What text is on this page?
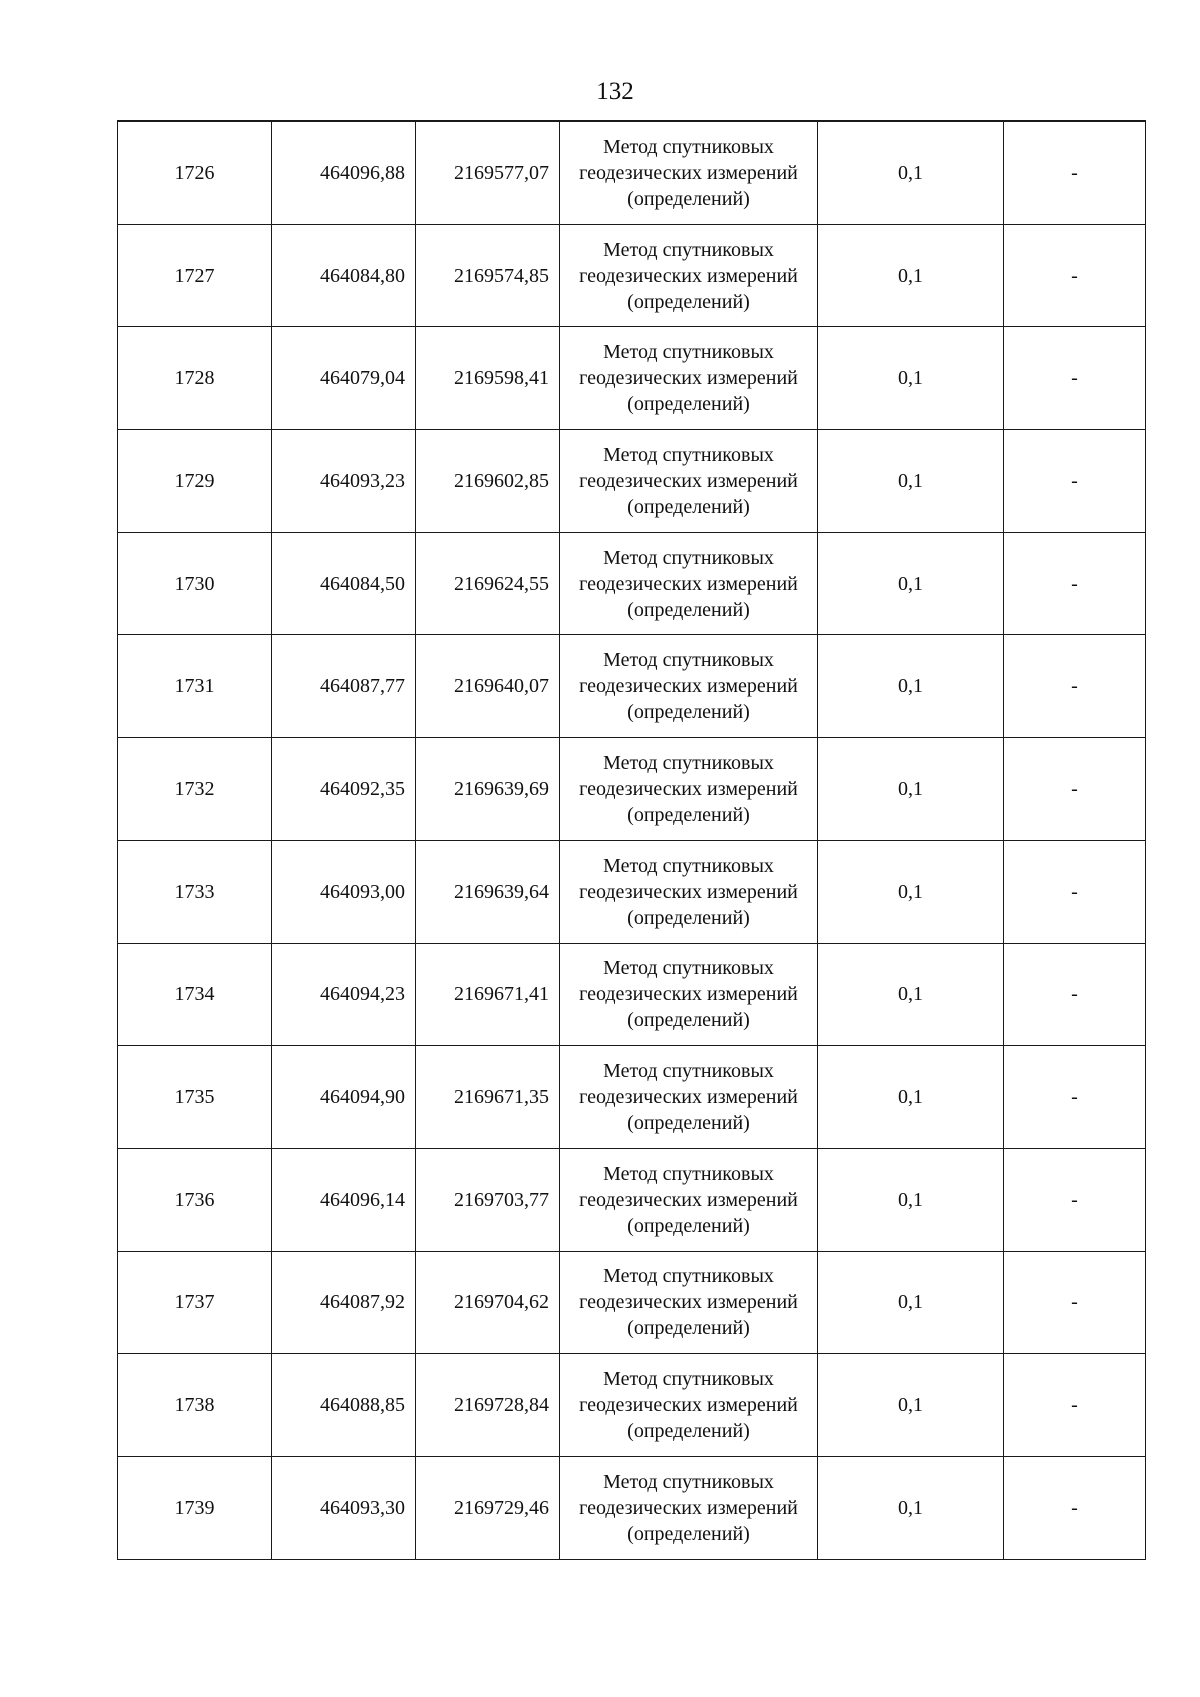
132
1726	464096,88	2169577,07	Метод спутниковых
геодезических измерений
(определений)	0,1	-
1727	464084,80	2169574,85	Метод спутниковых
геодезических измерений
(определений)	0,1	-
1728	464079,04	2169598,41	Метод спутниковых
геодезических измерений
(определений)	0,1	-
1729	464093,23	2169602,85	Метод спутниковых
геодезических измерений
(определений)	0,1	-
1730	464084,50	2169624,55	Метод спутниковых
геодезических измерений
(определений)	0,1	-
1731	464087,77	2169640,07	Метод спутниковых
геодезических измерений
(определений)	0,1	-
1732	464092,35	2169639,69	Метод спутниковых
геодезических измерений
(определений)	0,1	-
1733	464093,00	2169639,64	Метод спутниковых
геодезических измерений
(определений)	0,1	-
1734	464094,23	2169671,41	Метод спутниковых
геодезических измерений
(определений)	0,1	-
1735	464094,90	2169671,35	Метод спутниковых
геодезических измерений
(определений)	0,1	-
1736	464096,14	2169703,77	Метод спутниковых
геодезических измерений
(определений)	0,1	-
1737	464087,92	2169704,62	Метод спутниковых
геодезических измерений
(определений)	0,1	-
1738	464088,85	2169728,84	Метод спутниковых
геодезических измерений
(определений)	0,1	-
1739	464093,30	2169729,46	Метод спутниковых
геодезических измерений
(определений)	0,1	-
